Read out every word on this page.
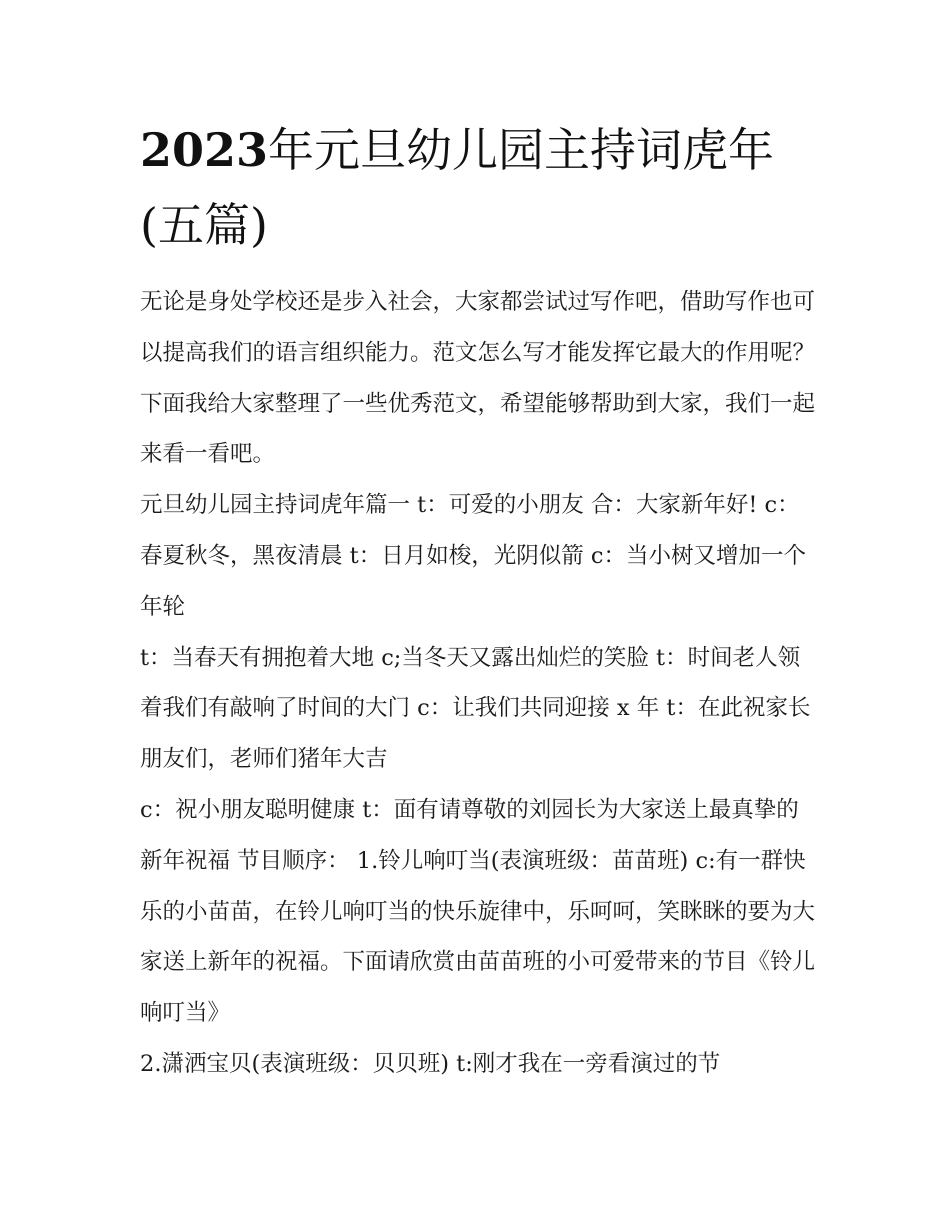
2023年元旦幼儿园主持词虎年(五篇)

无论是身处学校还是步入社会，大家都尝试过写作吧，借助写作也可以提高我们的语言组织能力。范文怎么写才能发挥它最大的作用呢？下面我给大家整理了一些优秀范文，希望能够帮助到大家，我们一起来看一看吧。

元旦幼儿园主持词虎年篇一 t：可爱的小朋友 合：大家新年好! c：春夏秋冬，黑夜清晨 t：日月如梭，光阴似箭 c：当小树又增加一个年轮

t：当春天有拥抱着大地 c;当冬天又露出灿烂的笑脸 t：时间老人领着我们有敲响了时间的大门 c：让我们共同迎接 x 年 t：在此祝家长朋友们，老师们猪年大吉

c：祝小朋友聪明健康 t：面有请尊敬的刘园长为大家送上最真挚的新年祝福 节目顺序： 1.铃儿响叮当(表演班级：苗苗班) c:有一群快乐的小苗苗，在铃儿响叮当的快乐旋律中，乐呵呵，笑眯眯的要为大家送上新年的祝福。下面请欣赏由苗苗班的小可爱带来的节目《铃儿响叮当》

2.潇洒宝贝(表演班级：贝贝班) t:刚才我在一旁看演过的节
